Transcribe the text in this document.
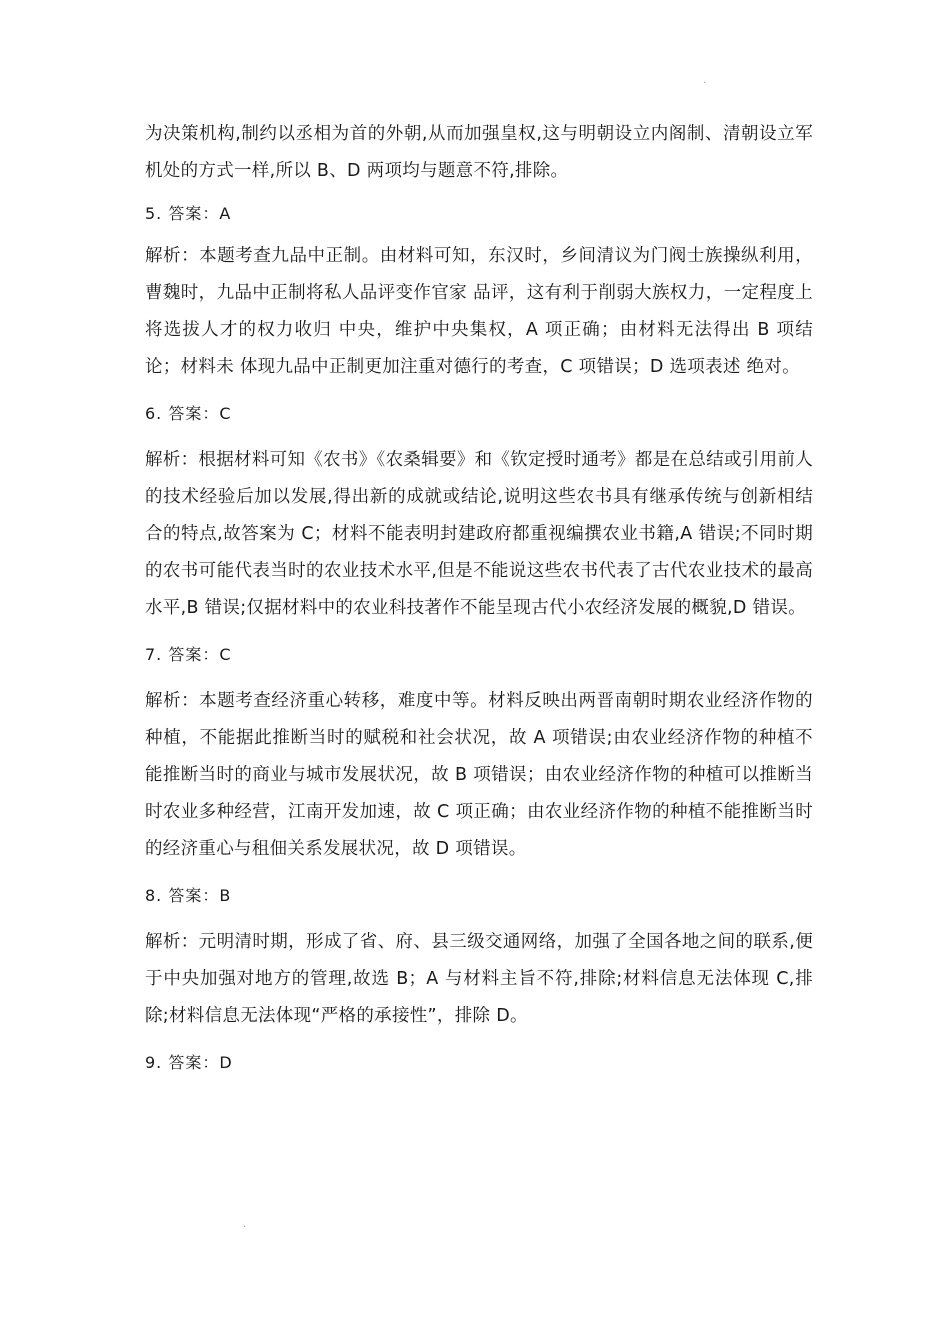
·
·

为决策机构,制约以丞相为首的外朝,从而加强皇权,这与明朝设立内阁制、清朝设立军机处的方式一样,所以 B、D 两项均与题意不符,排除。

5. 答案：A

解析：本题考查九品中正制。由材料可知，东汉时，乡间清议为门阀士族操纵利用，曹魏时，九品中正制将私人品评变作官家 品评，这有利于削弱大族权力，一定程度上将选拔人才的权力收归 中央，维护中央集权，A 项正确；由材料无法得出 B 项结论；材料未 体现九品中正制更加注重对德行的考查，C 项错误；D 选项表述 绝对。

6. 答案：C

解析：根据材料可知《农书》《农桑辑要》和《钦定授时通考》都是在总结或引用前人的技术经验后加以发展,得出新的成就或结论,说明这些农书具有继承传统与创新相结合的特点,故答案为 C；材料不能表明封建政府都重视编撰农业书籍,A 错误;不同时期的农书可能代表当时的农业技术水平,但是不能说这些农书代表了古代农业技术的最高水平,B 错误;仅据材料中的农业科技著作不能呈现古代小农经济发展的概貌,D 错误。

7. 答案：C

解析：本题考查经济重心转移，难度中等。材料反映出两晋南朝时期农业经济作物的种植，不能据此推断当时的赋税和社会状况，故 A 项错误;由农业经济作物的种植不能推断当时的商业与城市发展状况，故 B 项错误；由农业经济作物的种植可以推断当时农业多种经营，江南开发加速，故 C 项正确；由农业经济作物的种植不能推断当时的经济重心与租佃关系发展状况，故 D 项错误。

8. 答案：B

解析：元明清时期，形成了省、府、县三级交通网络，加强了全国各地之间的联系,便于中央加强对地方的管理,故选 B；A 与材料主旨不符,排除;材料信息无法体现 C,排除;材料信息无法体现“严格的承接性”，排除 D。

9. 答案：D
